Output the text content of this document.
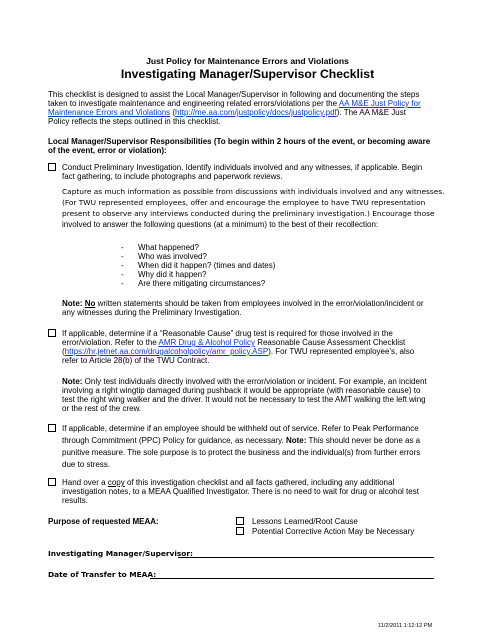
Just Policy for Maintenance Errors and Violations
Investigating Manager/Supervisor Checklist
This checklist is designed to assist the Local Manager/Supervisor in following and documenting the steps
taken to investigate maintenance and engineering related errors/violations per the AA M&E Just Policy for
Maintenance Errors and Violations (http://me.aa.com/justpolicy/docs/justpolicy.pdf). The AA M&E Just
Policy reflects the steps outlined in this checklist.
Local Manager/Supervisor Responsibilities (To begin within 2 hours of the event, or becoming aware
of the event, error or violation):
Conduct Preliminary Investigation. Identify individuals involved and any witnesses, if applicable. Begin
fact gathering, to include photographs and paperwork reviews.
Capture as much information as possible from discussions with individuals involved and any witnesses.
(For TWU represented employees, offer and encourage the employee to have TWU representation
present to observe any interviews conducted during the preliminary investigation.) Encourage those
involved to answer the following questions (at a minimum) to the best of their recollection:
- What happened?
- Who was involved?
- When did it happen? (times and dates)
- Why did it happen?
- Are there mitigating circumstances?
Note: No written statements should be taken from employees involved in the error/violation/incident or
any witnesses during the Preliminary Investigation.
If applicable, determine if a “Reasonable Cause” drug test is required for those involved in the
error/violation. Refer to the AMR Drug & Alcohol Policy Reasonable Cause Assessment Checklist
(https://hr.jetnet.aa.com/drugalcoholpolicy/amr_policy.ASP). For TWU represented employee’s, also
refer to Article 28(b) of the TWU Contract.
Note: Only test individuals directly involved with the error/violation or incident. For example, an incident
involving a right wingtip damaged during pushback it would be appropriate (with reasonable cause) to
test the right wing walker and the driver. It would not be necessary to test the AMT walking the left wing
or the rest of the crew.
If applicable, determine if an employee should be withheld out of service. Refer to Peak Performance
through Commitment (PPC) Policy for guidance, as necessary. Note: This should never be done as a
punitive measure. The sole purpose is to protect the business and the individual(s) from further errors
due to stress.
Hand over a copy of this investigation checklist and all facts gathered, including any additional
investigation notes, to a MEAA Qualified Investigator. There is no need to wait for drug or alcohol test
results.
Purpose of requested MEAA:	Lessons Learned/Root Cause
Potential Corrective Action May be Necessary
Investigating Manager/Supervisor:
Date of Transfer to MEAA:
11/2/2011 1:12:12 PM
